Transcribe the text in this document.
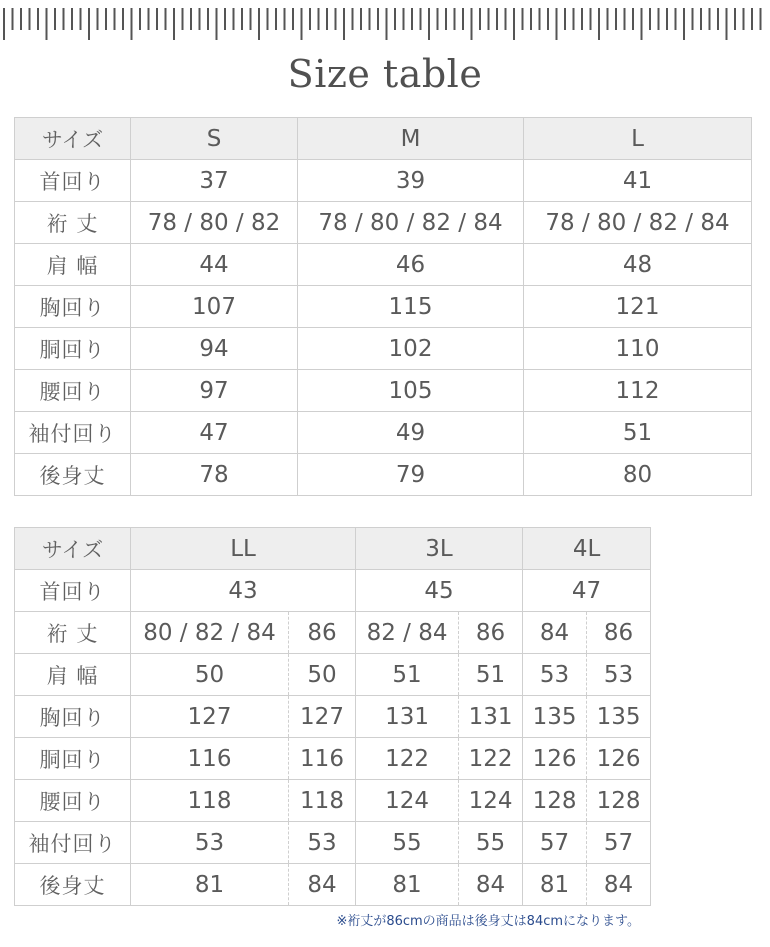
Size table
サイズ	S	M	L
首回り	37	39	41
裄 丈	78 / 80 / 82	78 / 80 / 82 / 84	78 / 80 / 82 / 84
肩 幅	44	46	48
胸回り	107	115	121
胴回り	94	102	110
腰回り	97	105	112
袖付回り	47	49	51
後身丈	78	79	80
サイズ	LL		3L		4L	
首回り	43		45		47	
裄 丈	80 / 82 / 84	86	82 / 84	86	84	86
肩 幅	50	50	51	51	53	53
胸回り	127	127	131	131	135	135
胴回り	116	116	122	122	126	126
腰回り	118	118	124	124	128	128
袖付回り	53	53	55	55	57	57
後身丈	81	84	81	84	81	84
※裄丈が86cmの商品は後身丈は84cmになります。
